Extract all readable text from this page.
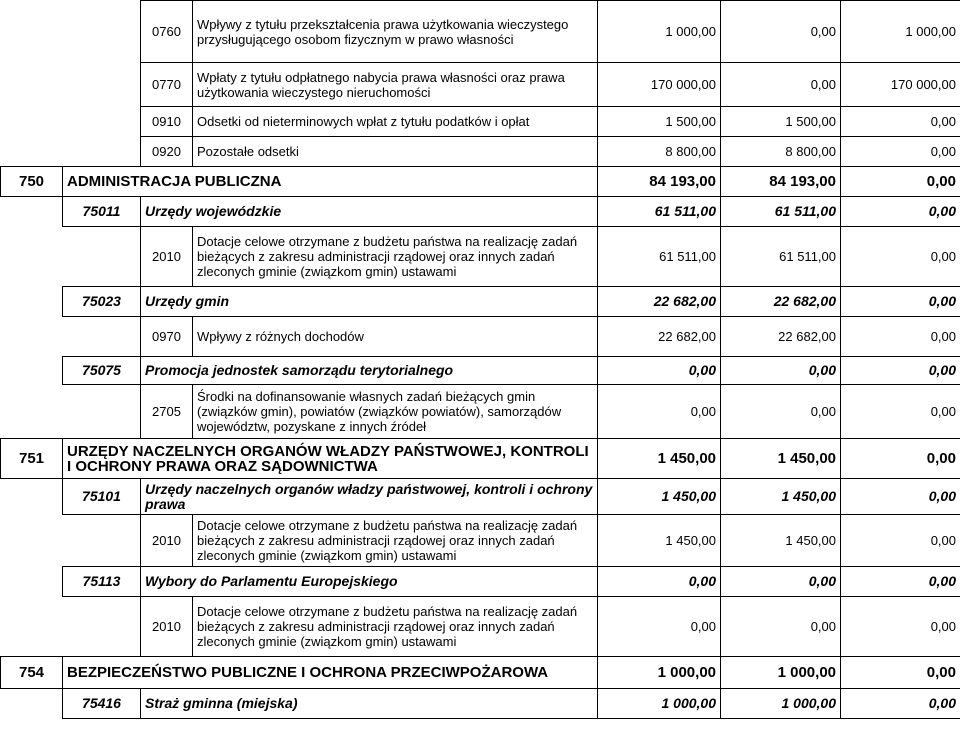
		0760	Wpływy z tytułu przekształcenia prawa użytkowania wieczystego przysługującego osobom fizycznym w prawo własności	1 000,00	0,00	1 000,00
		0770	Wpłaty z tytułu odpłatnego nabycia prawa własności oraz prawa użytkowania wieczystego nieruchomości	170 000,00	0,00	170 000,00
		0910	Odsetki od nieterminowych wpłat z tytułu podatków i opłat	1 500,00	1 500,00	0,00
		0920	Pozostałe odsetki	8 800,00	8 800,00	0,00
750	ADMINISTRACJA PUBLICZNA			84 193,00	84 193,00	0,00
	75011	Urzędy wojewódzkie		61 511,00	61 511,00	0,00
		2010	Dotacje celowe otrzymane z budżetu państwa na realizację zadań bieżących z zakresu administracji rządowej oraz innych zadań zleconych gminie (związkom gmin) ustawami	61 511,00	61 511,00	0,00
	75023	Urzędy gmin		22 682,00	22 682,00	0,00
		0970	Wpływy z różnych dochodów	22 682,00	22 682,00	0,00
	75075	Promocja jednostek samorządu terytorialnego		0,00	0,00	0,00
		2705	Środki na dofinansowanie własnych zadań bieżących gmin (związków gmin), powiatów (związków powiatów), samorządów województw, pozyskane z innych źródeł	0,00	0,00	0,00
751	URZĘDY NACZELNYCH ORGANÓW WŁADZY PAŃSTWOWEJ, KONTROLI I OCHRONY PRAWA ORAZ SĄDOWNICTWA			1 450,00	1 450,00	0,00
	75101	Urzędy naczelnych organów władzy państwowej, kontroli i ochrony prawa		1 450,00	1 450,00	0,00
		2010	Dotacje celowe otrzymane z budżetu państwa na realizację zadań bieżących z zakresu administracji rządowej oraz innych zadań zleconych gminie (związkom gmin) ustawami	1 450,00	1 450,00	0,00
	75113	Wybory do Parlamentu Europejskiego		0,00	0,00	0,00
		2010	Dotacje celowe otrzymane z budżetu państwa na realizację zadań bieżących z zakresu administracji rządowej oraz innych zadań zleconych gminie (związkom gmin) ustawami	0,00	0,00	0,00
754	BEZPIECZEŃSTWO PUBLICZNE I OCHRONA PRZECIWPOŻAROWA			1 000,00	1 000,00	0,00
	75416	Straż gminna (miejska)		1 000,00	1 000,00	0,00
